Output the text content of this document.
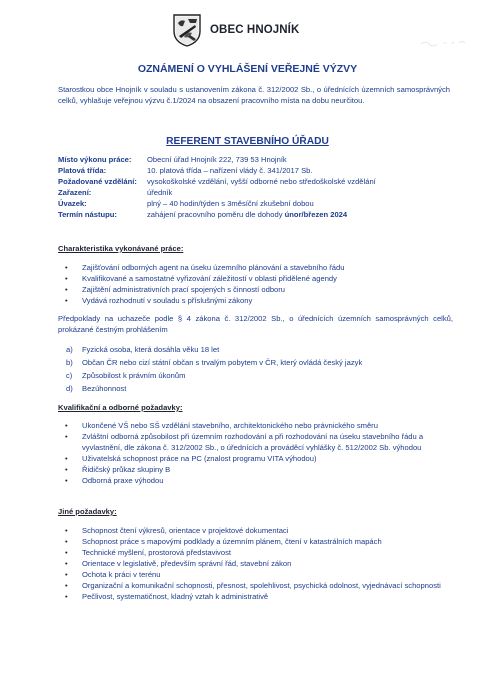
OBEC HNOJNÍK
OZNÁMENÍ O VYHLÁŠENÍ VEŘEJNÉ VÝZVY

Starostkou obce Hnojník v souladu s ustanovením zákona č. 312/2002 Sb., o úřednících územních samosprávných celků, vyhlašuje veřejnou výzvu č.1/2024 na obsazení pracovního místa na dobu neurčitou.

REFERENT STAVEBNÍHO ÚŘADU
Místo výkonu práce:	Obecní úřad Hnojník 222, 739 53 Hnojník
Platová třída:	10. platová třída – nařízení vlády č. 341/2017 Sb.
Požadované vzdělání:	vysokoškolské vzdělání, vyšší odborné nebo středoškolské vzdělání
Zařazení:	úředník
Úvazek:	plný – 40 hodin/týden s 3měsíční zkušební dobou
Termín nástupu:	zahájení pracovního poměru dle dohody únor/březen 2024
Charakteristika vykonávané práce:
• Zajišťování odborných agent na úseku územního plánování a stavebního řádu
• Kvalifikované a samostatné vyřizování záležitostí v oblasti přidělené agendy
• Zajištění administrativních prací spojených s činností odboru
• Vydává rozhodnutí v souladu s příslušnými zákony

Předpoklady na uchazeče podle § 4 zákona č. 312/2002 Sb., o úřednících územních samosprávných celků, prokázané čestným prohlášením

a) Fyzická osoba, která dosáhla věku 18 let
b) Občan ČR nebo cizí státní občan s trvalým pobytem v ČR, který ovládá český jazyk
c) Způsobilost k právním úkonům
d) Bezúhonnost
Kvalifikační a odborné požadavky:
• Ukončené VŠ nebo SŠ vzdělání stavebního, architektonického nebo právnického směru
• Zvláštní odborná způsobilost při územním rozhodování a při rozhodování na úseku stavebního řádu a vyvlastnění, dle zákona č. 312/2002 Sb., o úřednících a prováděcí vyhlášky č. 512/2002 Sb. výhodou
• Uživatelská schopnost práce na PC (znalost programu VITA výhodou)
• Řidičský průkaz skupiny B
• Odborná praxe výhodou
Jiné požadavky:
• Schopnost čtení výkresů, orientace v projektové dokumentaci
• Schopnost práce s mapovými podklady a územním plánem, čtení v katastrálních mapách
• Technické myšlení, prostorová představivost
• Orientace v legislativě, především správní řád, stavební zákon
• Ochota k práci v terénu
• Organizační a komunikační schopnosti, přesnost, spolehlivost, psychická odolnost, vyjednávací schopnosti
• Pečlivost, systematičnost, kladný vztah k administrativě
